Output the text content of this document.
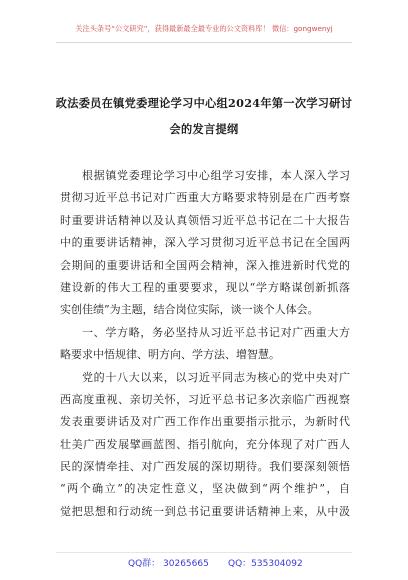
关注头条号“公文研究”，获得最新最全最专业的公文资料库！ 微信：gongwenyj
政法委员在镇党委理论学习中心组2024年第一次学习研讨
会的发言提纲
根据镇党委理论学习中心组学习安排，本人深入学习
贯彻习近平总书记对广西重大方略要求特别是在广西考察
时重要讲话精神以及认真领悟习近平总书记在二十大报告
中的重要讲话精神，深入学习贯彻习近平总书记在全国两
会期间的重要讲话和全国两会精神，深入推进新时代党的
建设新的伟大工程的重要要求，现以“学方略谋创新抓落
实创佳绩”为主题，结合岗位实际，谈一谈个人体会。
一、学方略，务必坚持从习近平总书记对广西重大方
略要求中悟规律、明方向、学方法、增智慧。
党的十八大以来，以习近平同志为核心的党中央对广
西高度重视、亲切关怀，习近平总书记多次亲临广西视察
发表重要讲话及对广西工作作出重要指示批示，为新时代
壮美广西发展擘画蓝图、指引航向，充分体现了对广西人
民的深情牵挂、对广西发展的深切期待。我们要深刻领悟
“两个确立”的决定性意义，坚决做到“两个维护”，自
觉把思想和行动统一到总书记重要讲话精神上来，从中汲
QQ群： 30265665 QQ：535304092
